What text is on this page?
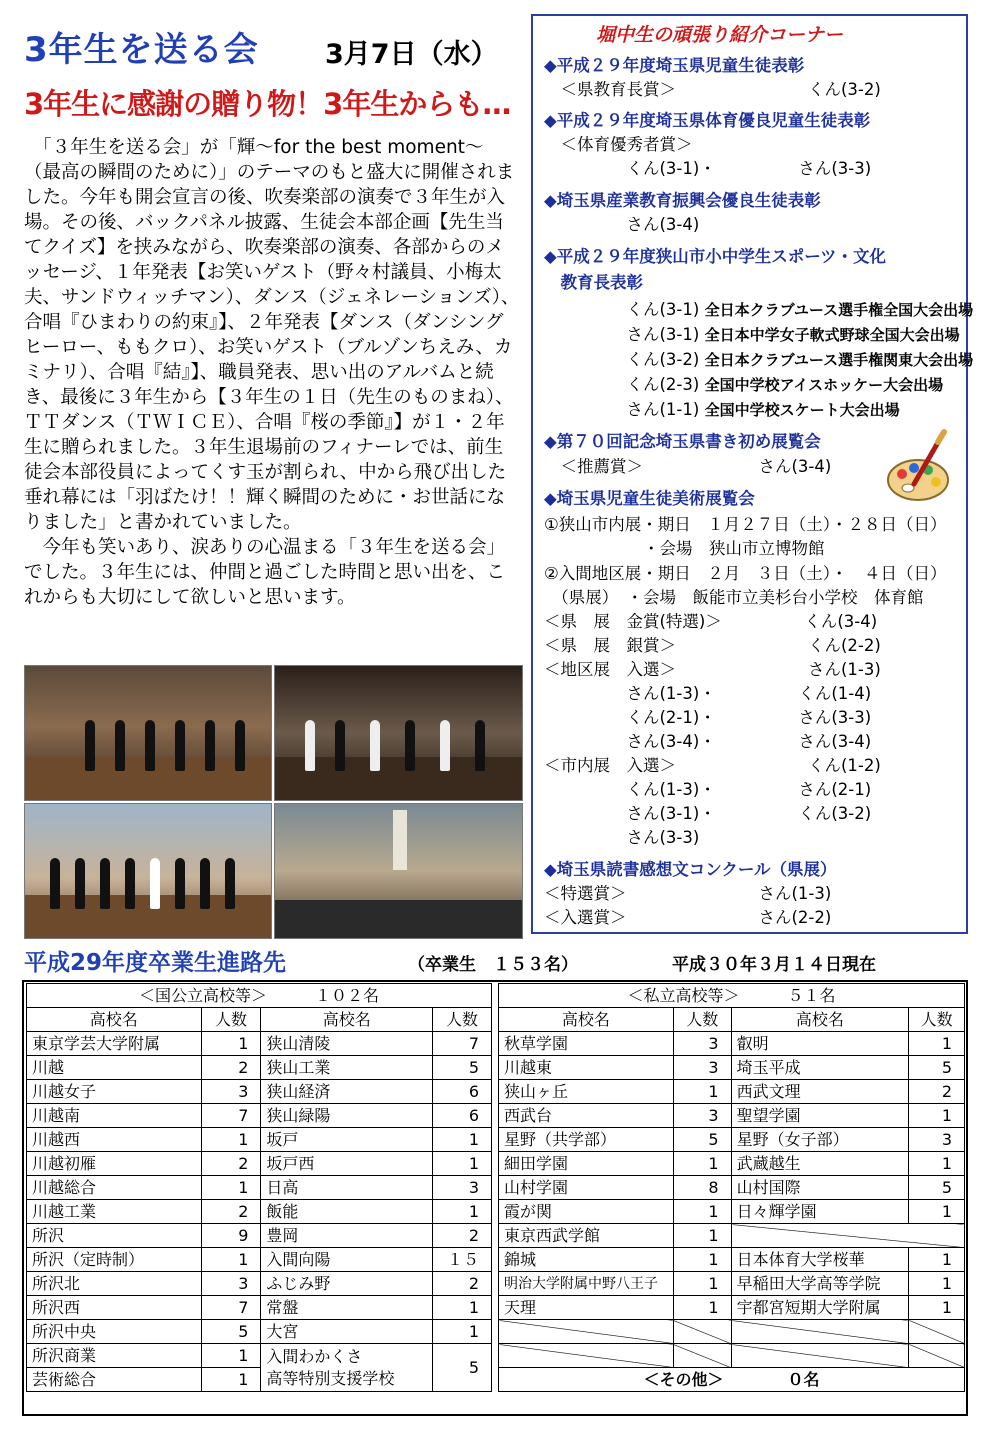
3年生を送る会 3月7日（水）
3年生に感謝の贈り物！3年生からも…
　「３年生を送る会」が「輝～for the best moment～（最高の瞬間のために）」のテーマのもと盛大に開催されました。今年も開会宣言の後、吹奏楽部の演奏で３年生が入場。その後、バックパネル披露、生徒会本部企画【先生当てクイズ】を挟みながら、吹奏楽部の演奏、各部からのメッセージ、１年発表【お笑いゲスト（野々村議員、小梅太夫、サンドウィッチマン）、ダンス（ジェネレーションズ）、合唱『ひまわりの約束』】、２年発表【ダンス（ダンシングヒーロー、ももクロ）、お笑いゲスト（ブルゾンちえみ、カミナリ）、合唱『結』】、職員発表、思い出のアルバムと続き、最後に３年生から【３年生の１日（先生のものまね）、ＴＴダンス（ＴＷＩＣＥ）、合唱『桜の季節』】が１・２年生に贈られました。３年生退場前のフィナーレでは、前生徒会本部役員によってくす玉が割られ、中から飛び出した垂れ幕には「羽ばたけ！！輝く瞬間のために・お世話になりました」と書かれていました。
　今年も笑いあり、涙ありの心温まる「３年生を送る会」でした。３年生には、仲間と過ごした時間と思い出を、これからも大切にして欲しいと思います。
堀中生の頑張り紹介コーナー
◆平成２９年度埼玉県児童生徒表彰
　＜県教育長賞＞　　　　　　　　くん(3-2)
◆平成２９年度埼玉県体育優良児童生徒表彰
　＜体育優秀者賞＞
　　　　　くん(3-1)・　　　　　さん(3-3)
◆埼玉県産業教育振興会優良生徒表彰
　　　　　さん(3-4)
◆平成２９年度狭山市小中学生スポーツ・文化
　教育長表彰
　　　　　くん(3-1) 全日本クラブユース選手権全国大会出場
　　　　　さん(3-1) 全日本中学女子軟式野球全国大会出場
　　　　　くん(3-2) 全日本クラブユース選手権関東大会出場
　　　　　くん(2-3) 全国中学校アイスホッケー大会出場
　　　　　さん(1-1) 全国中学校スケート大会出場
◆第７０回記念埼玉県書き初め展覧会
　＜推薦賞＞　　　　　　　さん(3-4)
◆埼玉県児童生徒美術展覧会
①狭山市内展・期日　１月２７日（土）・２８日（日）
　　　　　　・会場　狭山市立博物館
②入間地区展・期日　２月　３日（土）・　４日（日）
　（県展）　・会場　飯能市立美杉台小学校　体育館
＜県　展　金賞(特選)＞　　　　　くん(3-4)
＜県　展　銀賞＞　　　　　　　　くん(2-2)
＜地区展　入選＞　　　　　　　　さん(1-3)
　　　　　さん(1-3)・　　　　　くん(1-4)
　　　　　くん(2-1)・　　　　　さん(3-3)
　　　　　さん(3-4)・　　　　　さん(3-4)
＜市内展　入選＞　　　　　　　　くん(1-2)
　　　　　くん(1-3)・　　　　　さん(2-1)
　　　　　さん(3-1)・　　　　　くん(3-2)
　　　　　さん(3-3)
◆埼玉県読書感想文コンクール（県展）
＜特選賞＞　　　　　　　　さん(1-3)
＜入選賞＞　　　　　　　　さん(2-2)
平成29年度卒業生進路先	（卒業生　１５３名）	平成３０年３月１４日現在
＜国公立高校等＞　　　１０２名			
高校名	人数	高校名	人数
東京学芸大学附属	1	狭山清陵	7
川越	2	狭山工業	5
川越女子	3	狭山経済	6
川越南	7	狭山緑陽	6
川越西	1	坂戸	1
川越初雁	2	坂戸西	1
川越総合	1	日高	3
川越工業	2	飯能	1
所沢	9	豊岡	2
所沢（定時制）	1	入間向陽	１５
所沢北	3	ふじみ野	2
所沢西	7	常盤	1
所沢中央	5	大宮	1
所沢商業	1	入間わかくさ
高等特別支援学校	5
芸術総合	1		
＜私立高校等＞　　　５１名			
高校名	人数	高校名	人数
秋草学園	3	叡明	1
川越東	3	埼玉平成	5
狭山ヶ丘	1	西武文理	2
西武台	3	聖望学園	1
星野（共学部）	5	星野（女子部）	3
細田学園	1	武蔵越生	1
山村学園	8	山村国際	5
霞が関	1	日々輝学園	1
東京西武学館	1		
錦城	1	日本体育大学桜華	1
明治大学附属中野八王子	1	早稲田大学高等学院	1
天理	1	宇都宮短期大学附属	1

＜その他＞　　　　０名			
